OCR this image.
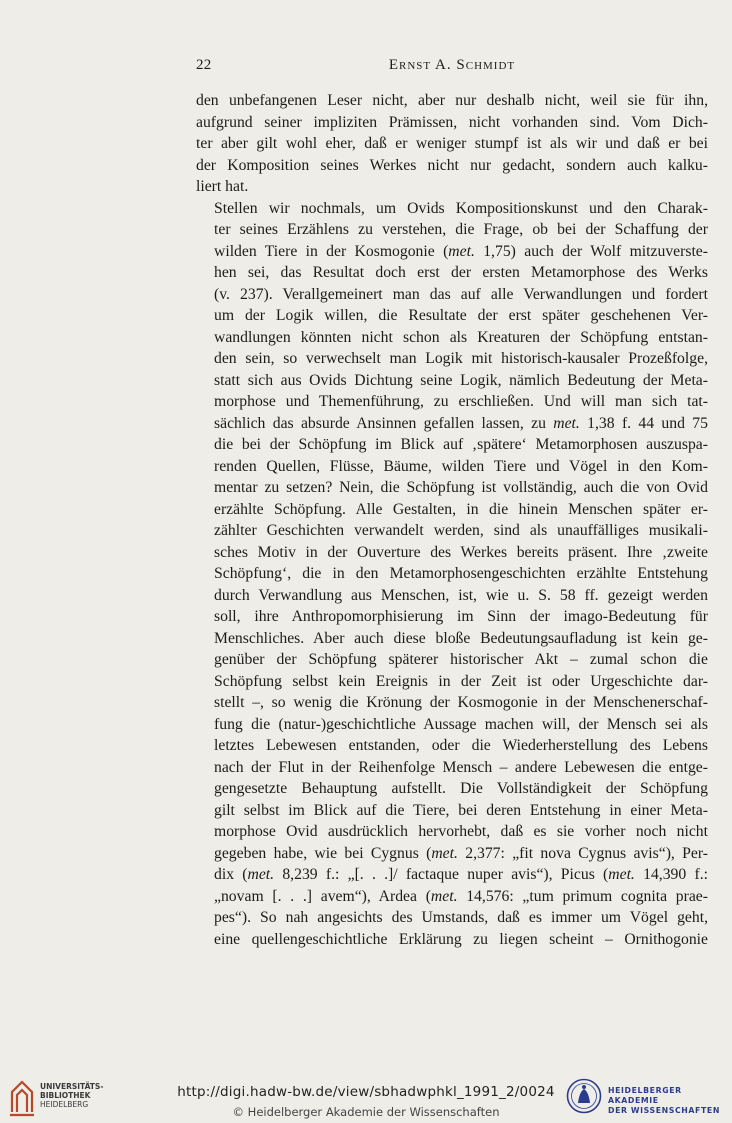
22	Ernst A. Schmidt

den unbefangenen Leser nicht, aber nur deshalb nicht, weil sie für ihn,
aufgrund seiner impliziten Prämissen, nicht vorhanden sind. Vom Dich-
ter aber gilt wohl eher, daß er weniger stumpf ist als wir und daß er bei
der Komposition seines Werkes nicht nur gedacht, sondern auch kalku-
liert hat.

Stellen wir nochmals, um Ovids Kompositionskunst und den Charak-
ter seines Erzählens zu verstehen, die Frage, ob bei der Schaffung der
wilden Tiere in der Kosmogonie (met. 1,75) auch der Wolf mitzuverste-
hen sei, das Resultat doch erst der ersten Metamorphose des Werks
(v. 237). Verallgemeinert man das auf alle Verwandlungen und fordert
um der Logik willen, die Resultate der erst später geschehenen Ver-
wandlungen könnten nicht schon als Kreaturen der Schöpfung entstan-
den sein, so verwechselt man Logik mit historisch-kausaler Prozeßfolge,
statt sich aus Ovids Dichtung seine Logik, nämlich Bedeutung der Meta-
morphose und Themenführung, zu erschließen. Und will man sich tat-
sächlich das absurde Ansinnen gefallen lassen, zu met. 1,38 f. 44 und 75
die bei der Schöpfung im Blick auf ‚spätere‘ Metamorphosen auszuspa-
renden Quellen, Flüsse, Bäume, wilden Tiere und Vögel in den Kom-
mentar zu setzen? Nein, die Schöpfung ist vollständig, auch die von Ovid
erzählte Schöpfung. Alle Gestalten, in die hinein Menschen später er-
zählter Geschichten verwandelt werden, sind als unauffälliges musikali-
sches Motiv in der Ouverture des Werkes bereits präsent. Ihre ‚zweite
Schöpfung‘, die in den Metamorphosengeschichten erzählte Entstehung
durch Verwandlung aus Menschen, ist, wie u. S. 58 ff. gezeigt werden
soll, ihre Anthropomorphisierung im Sinn der imago-Bedeutung für
Menschliches. Aber auch diese bloße Bedeutungsaufladung ist kein ge-
genüber der Schöpfung späterer historischer Akt – zumal schon die
Schöpfung selbst kein Ereignis in der Zeit ist oder Urgeschichte dar-
stellt –, so wenig die Krönung der Kosmogonie in der Menschenerschaf-
fung die (natur-)geschichtliche Aussage machen will, der Mensch sei als
letztes Lebewesen entstanden, oder die Wiederherstellung des Lebens
nach der Flut in der Reihenfolge Mensch – andere Lebewesen die entge-
gengesetzte Behauptung aufstellt. Die Vollständigkeit der Schöpfung
gilt selbst im Blick auf die Tiere, bei deren Entstehung in einer Meta-
morphose Ovid ausdrücklich hervorhebt, daß es sie vorher noch nicht
gegeben habe, wie bei Cygnus (met. 2,377: „fit nova Cygnus avis“), Per-
dix (met. 8,239 f.: „[. . .]/ factaque nuper avis“), Picus (met. 14,390 f.:
„novam [. . .] avem“), Ardea (met. 14,576: „tum primum cognita prae-
pes“). So nah angesichts des Umstands, daß es immer um Vögel geht,
eine quellengeschichtliche Erklärung zu liegen scheint – Ornithogonie

UNIVERSITÄTS-
BIBLIOTHEK
HEIDELBERG
http://digi.hadw-bw.de/view/sbhadwphkl_1991_2/0024
© Heidelberger Akademie der Wissenschaften
HEIDELBERGER AKADEMIE
DER WISSENSCHAFTEN
